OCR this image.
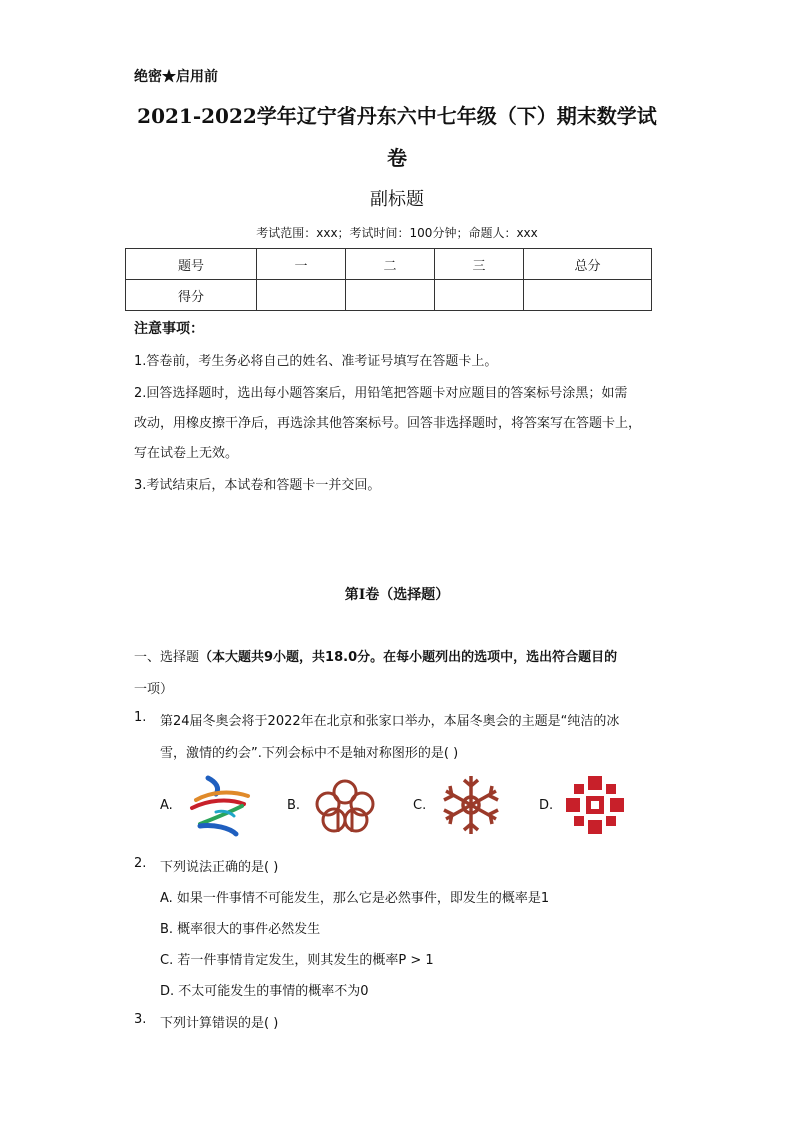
绝密★启用前
2021-2022学年辽宁省丹东六中七年级（下）期末数学试
卷
副标题
考试范围：xxx；考试时间：100分钟；命题人：xxx
题号	一	二	三	总分
得分				
注意事项：
1.答卷前，考生务必将自己的姓名、准考证号填写在答题卡上。
2.回答选择题时，选出每小题答案后，用铅笔把答题卡对应题目的答案标号涂黑；如需
改动，用橡皮擦干净后，再选涂其他答案标号。回答非选择题时，将答案写在答题卡上，
写在试卷上无效。
3.考试结束后，本试卷和答题卡一并交回。
第I卷（选择题）
一、选择题（本大题共9小题，共18.0分。在每小题列出的选项中，选出符合题目的
一项）
1. 第24届冬奥会将于2022年在北京和张家口举办，本届冬奥会的主题是“纯洁的冰
雪，激情的约会”.下列会标中不是轴对称图形的是( )
A.	B.	C.	D.
2. 下列说法正确的是( )
A. 如果一件事情不可能发生，那么它是必然事件，即发生的概率是1
B. 概率很大的事件必然发生
C. 若一件事情肯定发生，则其发生的概率P > 1
D. 不太可能发生的事情的概率不为0
3. 下列计算错误的是( )
